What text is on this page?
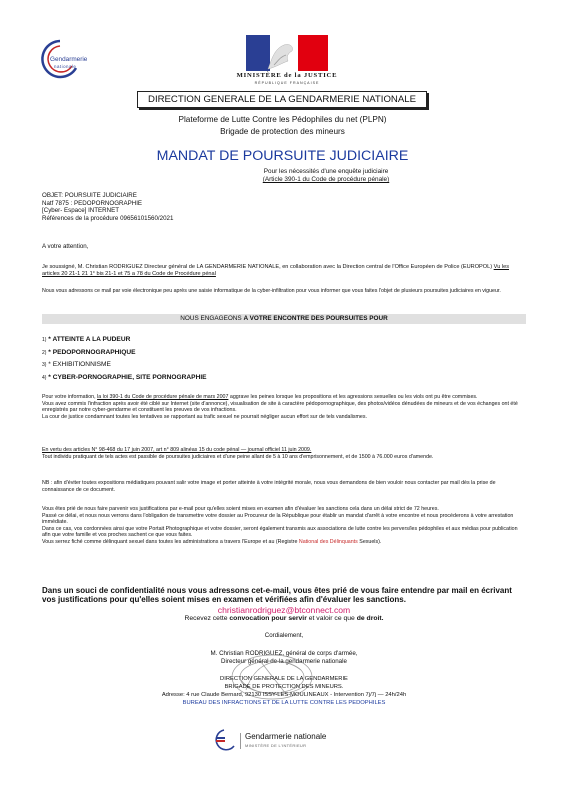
Gendarmerie
nationale
MINISTÈRE de la JUSTICE
RÉPUBLIQUE FRANÇAISE
DIRECTION GENERALE DE LA GENDARMERIE NATIONALE
Plateforme de Lutte Contre les Pédophiles du net (PLPN)
Brigade de protection des mineurs
MANDAT DE POURSUITE JUDICIAIRE
Pour les nécessités d'une enquête judiciaire
(Article 390-1 du Code de procédure pénale)
OBJET: POURSUITE JUDICIAIRE
Natf 7875 : PEDOPORNOGRAPHIE
[Cyber- Espace] INTERNET
Références de la procédure 09656101560/2021
A votre attention,
Je soussigné, M. Christian RODRIGUEZ Directeur général de LA GENDARMERIE NATIONALE, en collaboration avec la Direction central de l'Office Européen de Police (EUROPOL) Vu les articles 20 21-1 21 1° bis 21-1 et 75 a 78 du Code de Procédure pénal
Nous vous adressons ce mail par voie électronique peu après une saisie informatique de la cyber-infiltration pour vous informer que vous faites l'objet de plusieurs poursuites judiciaires en vigueur.
NOUS ENGAGEONS A VOTRE ENCONTRE DES POURSUITES POUR
1) * ATTEINTE A LA PUDEUR
2) * PEDOPORNOGRAPHIQUE
3) * EXHIBITIONNISME
4) * CYBER-PORNOGRAPHIE, SITE PORNOGRAPHIE

Pour votre information, la loi 390-1 du Code de procédure pénale de mars 2007 aggrave les peines lorsque les propositions et les agressions sexuelles ou les viols ont pu être commises.

Vous avez commis l'infraction après avoir été ciblé sur Internet (site d'annonce), visualisation de site à caractère pédopornographique, des photos/vidéos dénudées de mineurs et de vos échanges ont été enregistrés par notre cyber-gendarme et constituent les preuves de vos infractions.

La cour de justice condamnant toutes les tentatives se rapportant au trafic sexuel ne pourrait négliger aucun effort sur de tels vandalismes.

En vertu des articles N° 98-468 du 17 juin 2007, art n° 809 alinéas 15 du code pénal — journal officiel 11 juin 2009.

Tout individu pratiquant de tels actes est passible de poursuites judiciaires et d'une peine allant de 5 à 10 ans d'emprisonnement, et de 1500 à 76.000 euros d'amende.

NB : afin d'éviter toutes expositions médiatiques pouvant salir votre image et porter atteinte à votre intégrité morale, nous vous demandons de bien vouloir nous contacter par mail dès la prise de connaissance de ce document.

Vous êtes prié de nous faire parvenir vos justifications par e-mail pour qu'elles soient mises en examen afin d'évaluer les sanctions cela dans un délai strict de 72 heures.

Passé ce délai, et nous nous verrons dans l'obligation de transmettre votre dossier au Procureur de la République pour établir un mandat d'arrêt à votre encontre et nous procéderons à votre arrestation immédiate.

Dans ce cas, vos cordonnées ainsi que votre Portait Photographique et votre dossier, seront également transmis aux associations de lutte contre les pervers/les pédophiles et aux médias pour publication afin que votre famille et vos proches sachent ce que vous faites.

Vous serrez fiché comme délinquant sexuel dans toutes les administrations a travers l'Europe et au (Registre National des Délinquants Sexuels).

Dans un souci de confidentialité nous vous adressons cet-e-mail, vous êtes prié de vous faire entendre par mail en écrivant vos justifications pour qu'elles soient mises en examen et vérifiées afin d'évaluer les sanctions.
christianrodriguez@btconnect.com
Recevez cette convocation pour servir et valoir ce que de droit.
Cordialement,
M. Christian RODRIGUEZ, général de corps d'armée,
Directeur général de la gendarmerie nationale
DIRECTION GENERALE DE LA GENDARMERIE
BRIGADE DE PROTECTION DES MINEURS.
Adresse: 4 rue Claude Bernard, 92130 ISSY-LES-MOULINEAUX - Intervention 7j/7j — 24h/24h
BUREAU DES INFRACTIONS ET DE LA LUTTE CONTRE LES PEDOPHILES
Gendarmerie nationale
MINISTÈRE DE L'INTÉRIEUR
